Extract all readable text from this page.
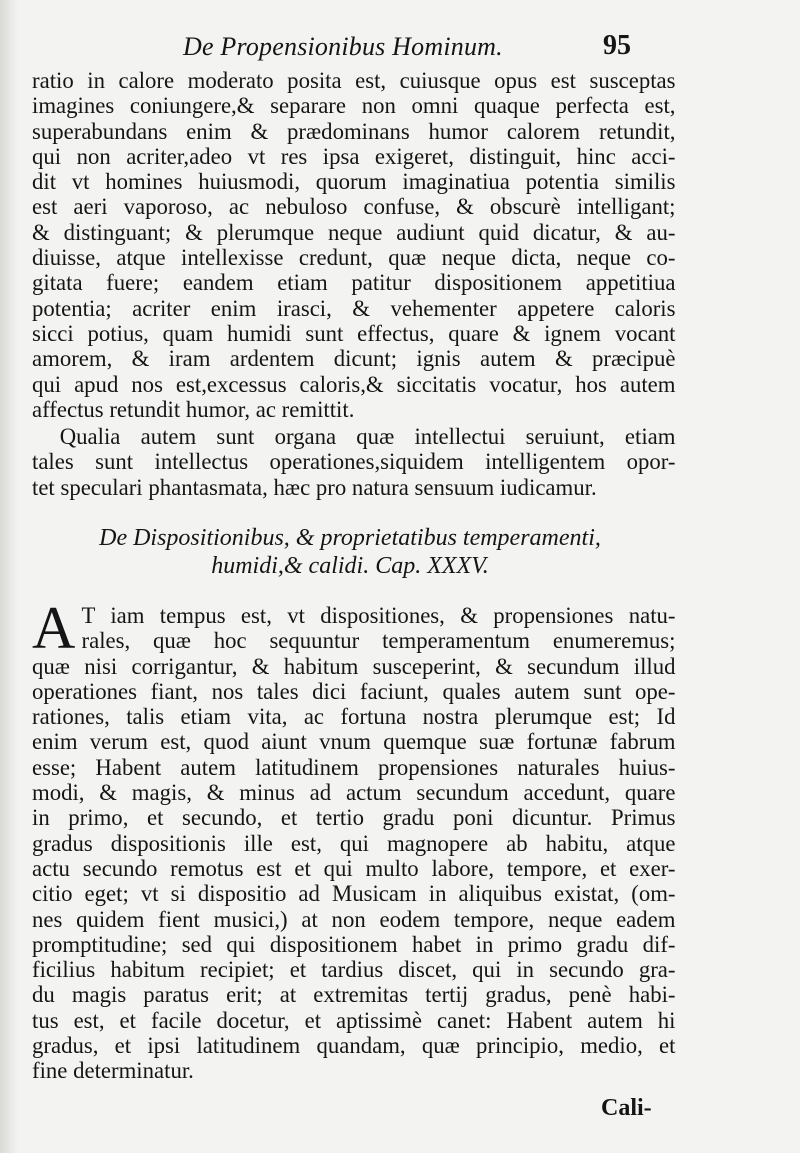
De Propensionibus Hominum.	95
ratio in calore moderato posita est, cuiusque opus est susceptas
imagines coniungere,& separare non omni quaque perfecta est,
superabundans enim & prædominans humor calorem retundit,
qui non acriter,adeo vt res ipsa exigeret, distinguit, hinc acci-
dit vt homines huiusmodi, quorum imaginatiua potentia similis
est aeri vaporoso, ac nebuloso confuse, & obscurè intelligant;
& distinguant; & plerumque neque audiunt quid dicatur, & au-
diuisse, atque intellexisse credunt, quæ neque dicta, neque co-
gitata fuere; eandem etiam patitur dispositionem appetitiua
potentia; acriter enim irasci, & vehementer appetere caloris
sicci potius, quam humidi sunt effectus, quare & ignem vocant
amorem, & iram ardentem dicunt; ignis autem & præcipuè
qui apud nos est,excessus caloris,& siccitatis vocatur, hos autem
affectus retundit humor, ac remittit.
Qualia autem sunt organa quæ intellectui seruiunt, etiam
tales sunt intellectus operationes,siquidem intelligentem opor-
tet speculari phantasmata, hæc pro natura sensuum iudicamur.
De Dispositionibus, & proprietatibus temperamenti,
humidi,& calidi. Cap. XXXV.
A T iam tempus est, vt dispositiones, & propensiones natu-
rales, quæ hoc sequuntur temperamentum enumeremus;
quæ nisi corrigantur, & habitum susceperint, & secundum illud
operationes fiant, nos tales dici faciunt, quales autem sunt ope-
rationes, talis etiam vita, ac fortuna nostra plerumque est; Id
enim verum est, quod aiunt vnum quemque suæ fortunæ fabrum
esse; Habent autem latitudinem propensiones naturales huius-
modi, & magis, & minus ad actum secundum accedunt, quare
in primo, et secundo, et tertio gradu poni dicuntur. Primus
gradus dispositionis ille est, qui magnopere ab habitu, atque
actu secundo remotus est et qui multo labore, tempore, et exer-
citio eget; vt si dispositio ad Musicam in aliquibus existat, (om-
nes quidem fient musici,) at non eodem tempore, neque eadem
promptitudine; sed qui dispositionem habet in primo gradu dif-
ficilius habitum recipiet; et tardius discet, qui in secundo gra-
du magis paratus erit; at extremitas tertij gradus, penè habi-
tus est, et facile docetur, et aptissimè canet: Habent autem hi
gradus, et ipsi latitudinem quandam, quæ principio, medio, et
fine determinatur.
Cali-
